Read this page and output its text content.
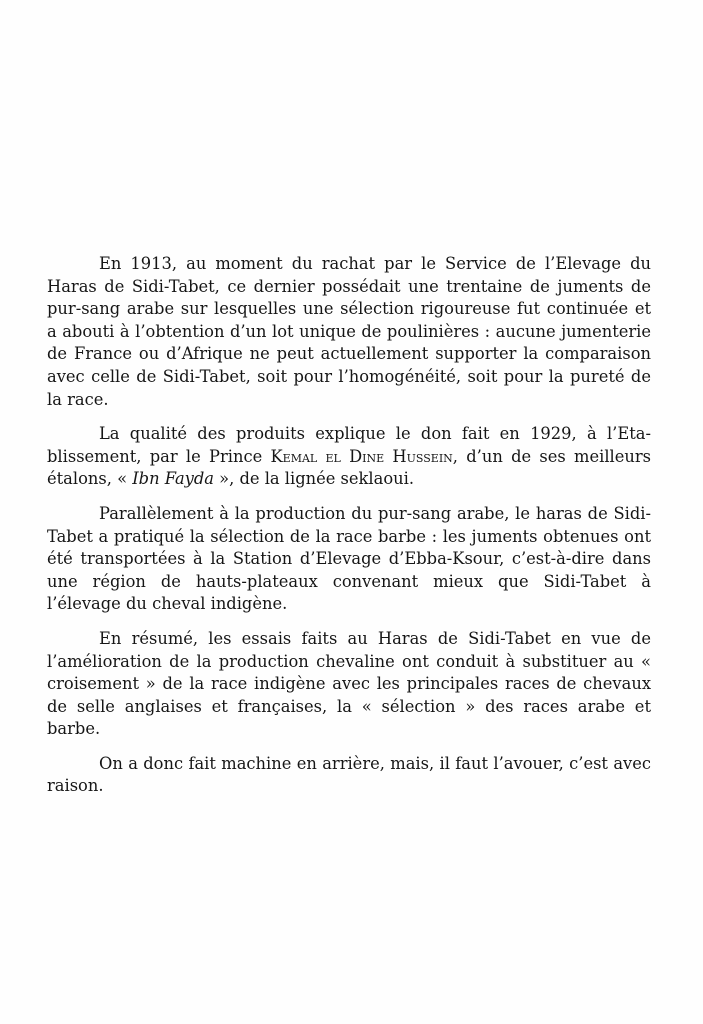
En 1913, au moment du rachat par le Service de l’Elevage du Haras de Sidi-Tabet, ce dernier possédait une trentaine de juments de pur-sang arabe sur lesquelles une sélection rigoureuse fut continuée et a abouti à l’obtention d’un lot unique de poulinières : aucune jumenterie de France ou d’Afrique ne peut actuellement supporter la comparaison avec celle de Sidi-Tabet, soit pour l’homogénéité, soit pour la pureté de la race.

La qualité des produits explique le don fait en 1929, à l’Etablissement, par le Prince Kemal el Dine Hussein, d’un de ses meilleurs étalons, « Ibn Fayda », de la lignée seklaoui.

Parallèlement à la production du pur-sang arabe, le haras de Sidi-Tabet a pratiqué la sélection de la race barbe : les juments obtenues ont été transportées à la Station d’Elevage d’Ebba-Ksour, c’est-à-dire dans une région de hauts-plateaux convenant mieux que Sidi-Tabet à l’élevage du cheval indigène.

En résumé, les essais faits au Haras de Sidi-Tabet en vue de l’amélioration de la production chevaline ont conduit à substituer au « croisement » de la race indigène avec les principales races de chevaux de selle anglaises et françaises, la « sélection » des races arabe et barbe.

On a donc fait machine en arrière, mais, il faut l’avouer, c’est avec raison.
